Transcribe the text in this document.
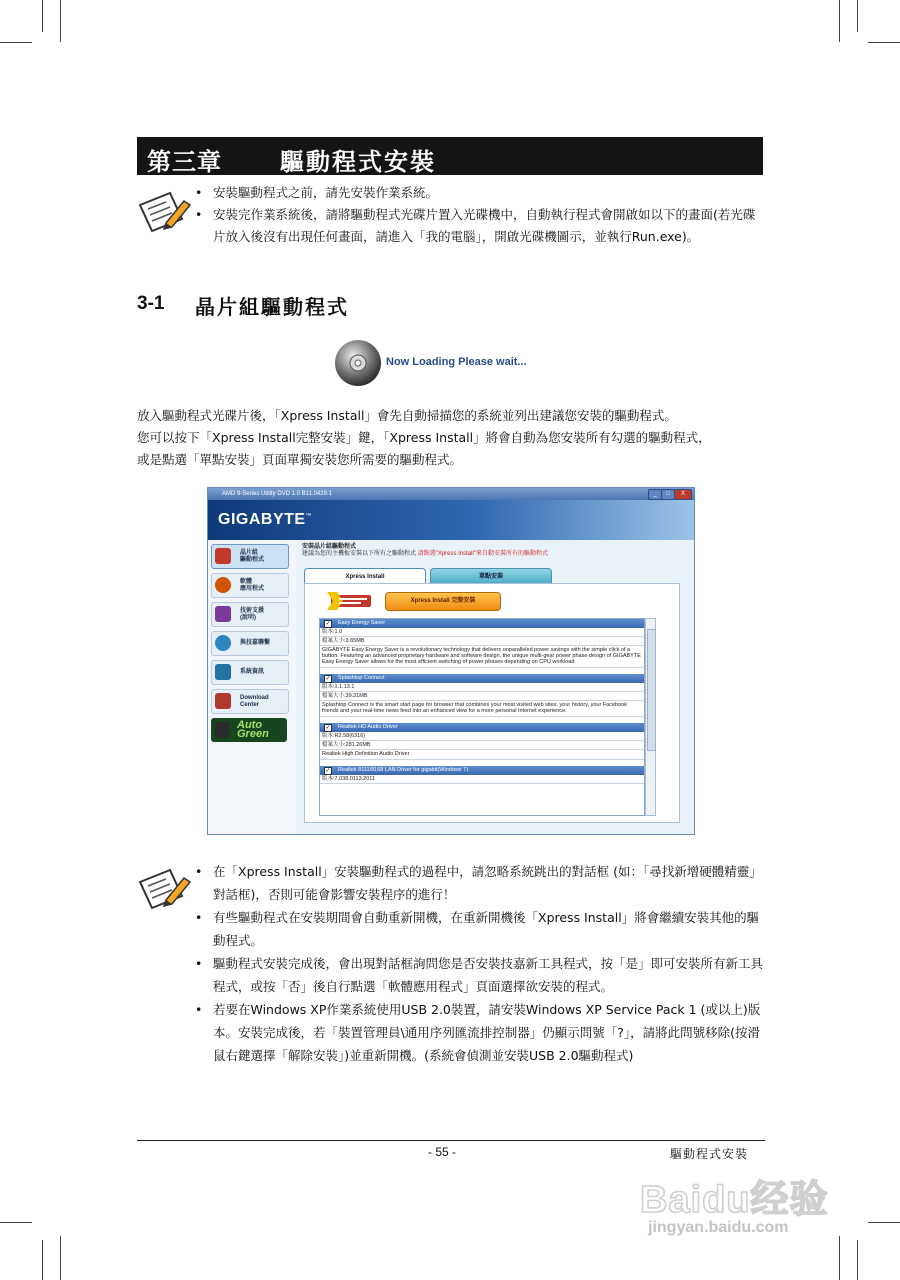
第三章 驅動程式安裝
• 安裝驅動程式之前，請先安裝作業系統。
• 安裝完作業系統後，請將驅動程式光碟片置入光碟機中，自動執行程式會開啟如以下的畫面(若光碟片放入後沒有出現任何畫面，請進入「我的電腦」，開啟光碟機圖示，並執行Run.exe)。
3-1 晶片組驅動程式
Now Loading Please wait...

放入驅動程式光碟片後，「Xpress Install」會先自動掃描您的系統並列出建議您安裝的驅動程式。

您可以按下「Xpress Install完整安裝」鍵，「Xpress Install」將會自動為您安裝所有勾選的驅動程式，

或是點選「單點安裝」頁面單獨安裝您所需要的驅動程式。

AMD 9-Series Utility DVD 1.0 B11.0429.1	_	□	X
GIGABYTE™
晶片組
驅動程式
軟體
應用程式
技術支援
(說明)
與技嘉聯繫
系統資訊
Download
Center
Auto
Green
安裝晶片組驅動程式
建議為您的主機板安裝以下所有之驅動程式 請點選"Xpress Install"來自動安裝所有的驅動程式
Xpress Install	單點安裝
Xpress Install 完整安裝
✓ Easy Energy Saver
版本:1.0
檔案大小:3.65MB
GIGABYTE Easy Energy Saver is a revolutionary technology that delivers unparalleled power savings with the simple click of a button. Featuring an advanced proprietary hardware and software design, the unique multi-gear power phase design of GIGABYTE Easy Energy Saver allows for the most efficient switching of power phases depending on CPU workload.
✓ Splashtop Connect
版本:1.1.13.1
檔案大小:39.31MB
Splashtop Connect is the smart start page for browser that combines your most visited web sites, your history, your Facebook friends and your real-time news feed into an enhanced view for a more personal Internet experience.
✓ Realtek HD Audio Driver
版本:R2.58(6316)
檔案大小:281.26MB
Realtek High Definition Audio Driver
✓ Realtek 8111/8168 LAN Driver for gigabit(Windows 7)
版本:7.038.0113.2011
• 在「Xpress Install」安裝驅動程式的過程中，請忽略系統跳出的對話框 (如：「尋找新增硬體精靈」對話框)，否則可能會影響安裝程序的進行！
• 有些驅動程式在安裝期間會自動重新開機，在重新開機後「Xpress Install」將會繼續安裝其他的驅動程式。
• 驅動程式安裝完成後，會出現對話框詢問您是否安裝技嘉新工具程式，按「是」即可安裝所有新工具程式，或按「否」後自行點選「軟體應用程式」頁面選擇欲安裝的程式。
• 若要在Windows XP作業系統使用USB 2.0裝置，請安裝Windows XP Service Pack 1 (或以上)版本。安裝完成後，若「裝置管理員\通用序列匯流排控制器」仍顯示問號「?」，請將此問號移除(按滑鼠右鍵選擇「解除安裝」)並重新開機。(系統會偵測並安裝USB 2.0驅動程式)
- 55 -	驅動程式安裝
Baidu经验
jingyan.baidu.com
